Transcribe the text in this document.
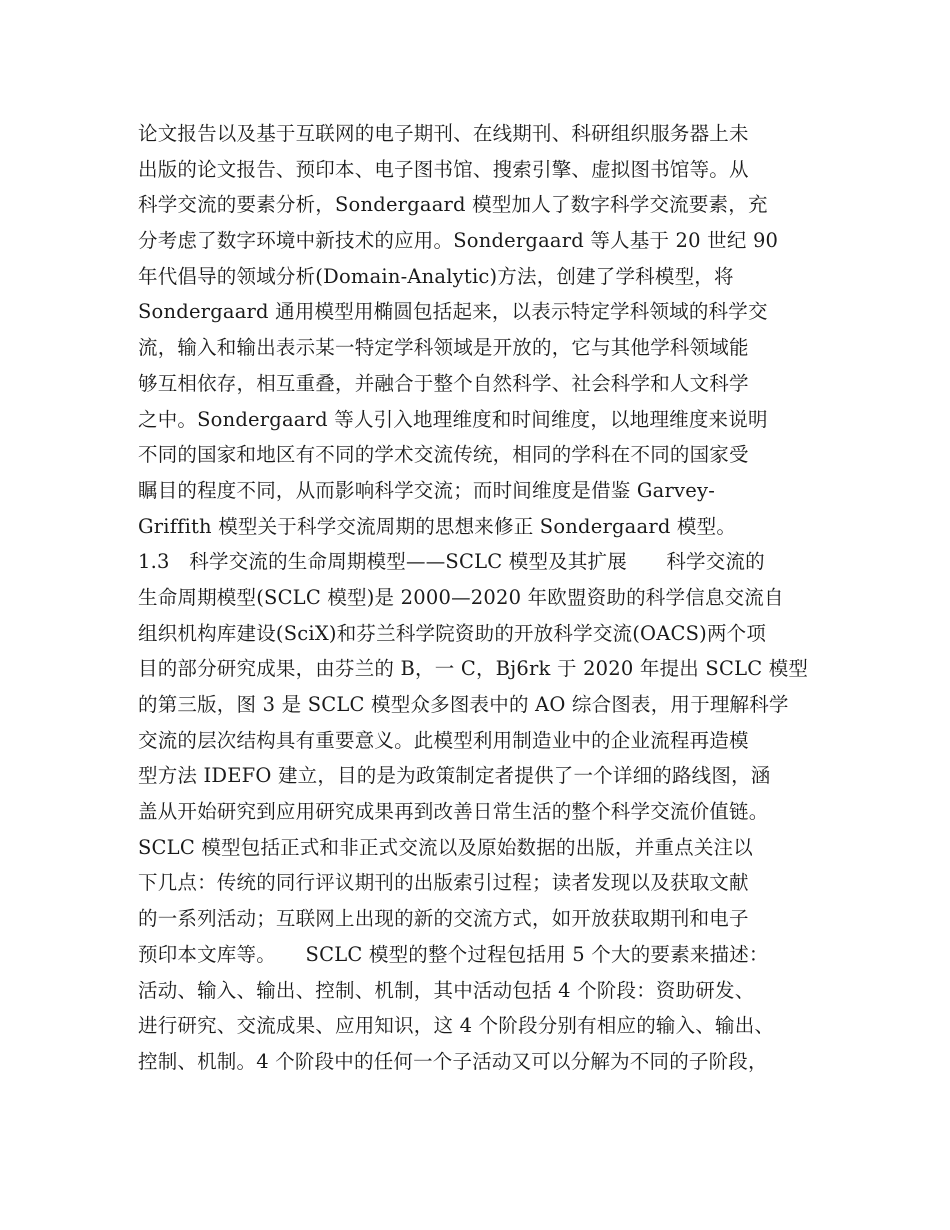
论文报告以及基于互联网的电子期刊、在线期刊、科研组织服务器上未
出版的论文报告、预印本、电子图书馆、搜索引擎、虚拟图书馆等。从
科学交流的要素分析，Sondergaard 模型加人了数字科学交流要素，充
分考虑了数字环境中新技术的应用。Sondergaard 等人基于 20 世纪 90
年代倡导的领域分析(Domain-Analytic)方法，创建了学科模型，将
Sondergaard 通用模型用椭圆包括起来，以表示特定学科领域的科学交
流，输入和输出表示某一特定学科领域是开放的，它与其他学科领域能
够互相依存，相互重叠，并融合于整个自然科学、社会科学和人文科学
之中。Sondergaard 等人引入地理维度和时间维度，以地理维度来说明
不同的国家和地区有不同的学术交流传统，相同的学科在不同的国家受
瞩目的程度不同，从而影响科学交流；而时间维度是借鉴 Garvey-
Griffith 模型关于科学交流周期的思想来修正 Sondergaard 模型。
1.3　科学交流的生命周期模型——SCLC 模型及其扩展　　科学交流的
生命周期模型(SCLC 模型)是 2000—2020 年欧盟资助的科学信息交流自
组织机构库建设(SciX)和芬兰科学院资助的开放科学交流(OACS)两个项
目的部分研究成果，由芬兰的 B，一 C，Bj6rk 于 2020 年提出 SCLC 模型
的第三版，图 3 是 SCLC 模型众多图表中的 AO 综合图表，用于理解科学
交流的层次结构具有重要意义。此模型利用制造业中的企业流程再造模
型方法 IDEFO 建立，目的是为政策制定者提供了一个详细的路线图，涵
盖从开始研究到应用研究成果再到改善日常生活的整个科学交流价值链。
SCLC 模型包括正式和非正式交流以及原始数据的出版，并重点关注以
下几点：传统的同行评议期刊的出版索引过程；读者发现以及获取文献
的一系列活动；互联网上出现的新的交流方式，如开放获取期刊和电子
预印本文库等。　　SCLC 模型的整个过程包括用 5 个大的要素来描述：
活动、输入、输出、控制、机制，其中活动包括 4 个阶段：资助研发、
进行研究、交流成果、应用知识，这 4 个阶段分别有相应的输入、输出、
控制、机制。4 个阶段中的任何一个子活动又可以分解为不同的子阶段，
